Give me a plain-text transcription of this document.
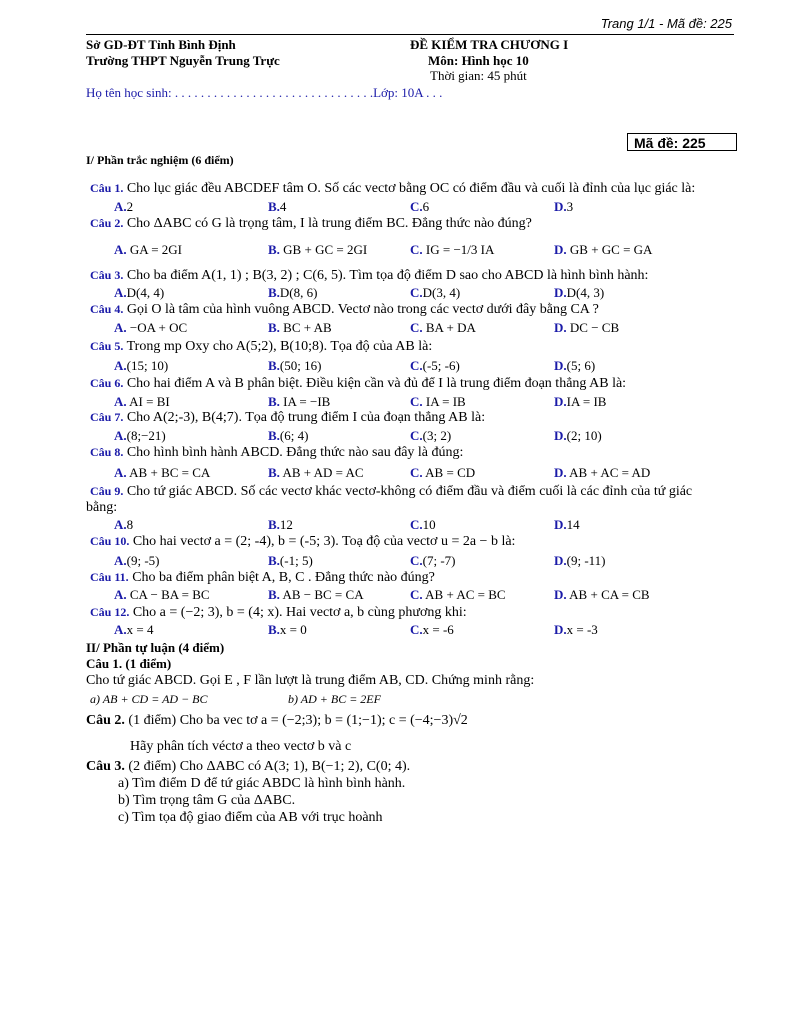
Trang 1/1 - Mã đề: 225
Sở GD-ĐT Tỉnh Bình Định
Trường THPT Nguyễn Trung Trực
ĐỀ KIỂM TRA CHƯƠNG I
Môn: Hình học 10
Thời gian: 45 phút
Họ tên học sinh: . . . . . . . . . . . . . . . . . . . . . . . . . . . . . . .Lớp: 10A . . .
Mã đề: 225
I/ Phần trắc nghiệm (6 điểm)
Câu 1. Cho lục giác đều ABCDEF tâm O. Số các vectơ bằng OC có điểm đầu và cuối là đỉnh của lục giác là:
A.2	B.4	C.6	D.3
Câu 2. Cho ΔABC có G là trọng tâm, I là trung điểm BC. Đẳng thức nào đúng?
A. GA = 2GI	B. GB + GC = 2GI	C. IG = −1/3 IA	D. GB + GC = GA
Câu 3. Cho ba điểm A(1, 1) ; B(3, 2) ; C(6, 5). Tìm tọa độ điểm D sao cho ABCD là hình bình hành:
A.D(4, 4)	B.D(8, 6)	C.D(3, 4)	D.D(4, 3)
Câu 4. Gọi O là tâm của hình vuông ABCD. Vectơ nào trong các vectơ dưới đây bằng CA ?
A. −OA + OC	B. BC + AB	C. BA + DA	D. DC − CB
Câu 5. Trong mp Oxy cho A(5;2), B(10;8). Tọa độ của AB là:
A.(15; 10)	B.(50; 16)	C.(-5; -6)	D.(5; 6)
Câu 6. Cho hai điểm A và B phân biệt. Điều kiện cần và đủ để I là trung điểm đoạn thẳng AB là:
A. AI = BI	B. IA = −IB	C. IA = IB	D.IA = IB
Câu 7. Cho A(2;-3), B(4;7). Tọa độ trung điểm I của đoạn thẳng AB là:
A.(8;−21)	B.(6; 4)	C.(3; 2)	D.(2; 10)
Câu 8. Cho hình bình hành ABCD. Đẳng thức nào sau đây là đúng:
A. AB + BC = CA	B. AB + AD = AC	C. AB = CD	D. AB + AC = AD
Câu 9. Cho tứ giác ABCD. Số các vectơ khác vectơ-không có điểm đầu và điểm cuối là các đỉnh của tứ giác
bằng:
A.8	B.12	C.10	D.14
Câu 10. Cho hai vectơ a = (2; -4), b = (-5; 3). Toạ độ của vectơ u = 2a − b là:
A.(9; -5)	B.(-1; 5)	C.(7; -7)	D.(9; -11)
Câu 11. Cho ba điểm phân biệt A, B, C . Đẳng thức nào đúng?
A. CA − BA = BC	B. AB − BC = CA	C. AB + AC = BC	D. AB + CA = CB
Câu 12. Cho a = (−2; 3), b = (4; x). Hai vectơ a, b cùng phương khi:
A.x = 4	B.x = 0	C.x = -6	D.x = -3
II/ Phần tự luận (4 điểm)
Câu 1. (1 điểm)
Cho tứ giác ABCD. Gọi E , F lần lượt là trung điểm AB, CD. Chứng minh rằng:
a) AB + CD = AD − BC	b) AD + BC = 2EF
Câu 2. (1 điểm) Cho ba vec tơ a = (−2;3); b = (1;−1); c = (−4;−3)√2
Hãy phân tích véctơ a theo vectơ b và c
Câu 3. (2 điểm) Cho ΔABC có A(3; 1), B(−1; 2), C(0; 4).
a) Tìm điểm D để tứ giác ABDC là hình bình hành.
b) Tìm trọng tâm G của ΔABC.
c) Tìm tọa độ giao điểm của AB với trục hoành
